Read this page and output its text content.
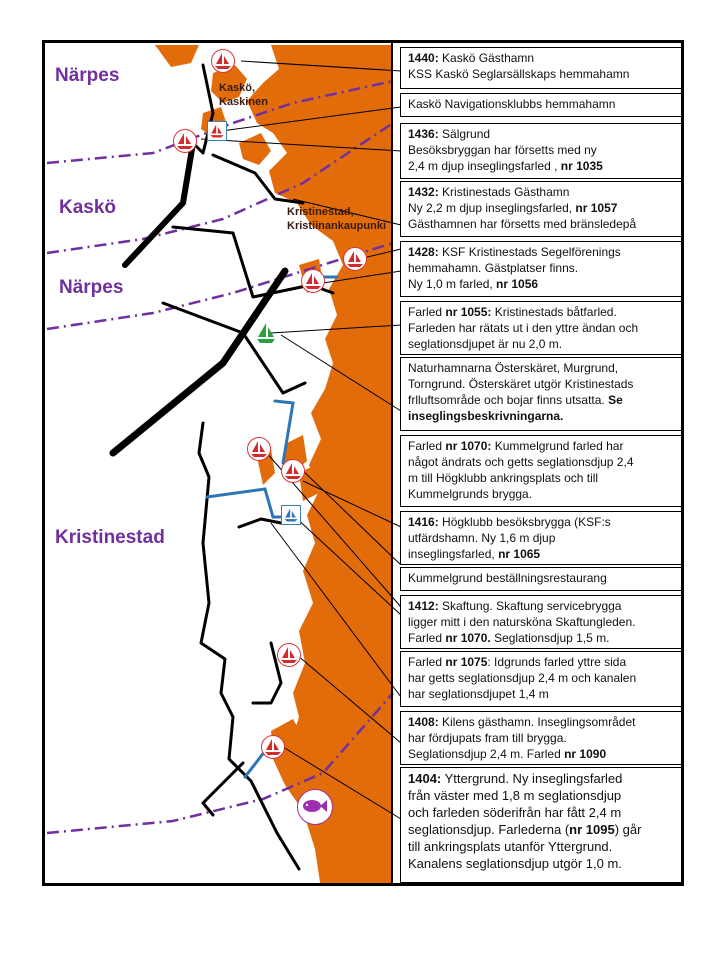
Närpes
Kaskö
Närpes
Kristinestad
Kaskö,
Kaskinen
Kristinestad,
Kristiinankaupunki
1440: Kaskö Gästhamn
KSS Kaskö Seglarsällskaps hemmahamn
Kaskö Navigationsklubbs hemmahamn
1436: Sälgrund
Besöksbryggan har försetts med ny
2,4 m djup inseglingsfarled , nr 1035
1432: Kristinestads Gästhamn
Ny 2,2 m djup inseglingsfarled, nr 1057
Gästhamnen har försetts med bränsledepå
1428: KSF Kristinestads Segelförenings
hemmahamn. Gästplatser finns.
Ny 1,0 m farled, nr 1056
Farled nr 1055: Kristinestads båtfarled.
Farleden har rätats ut i den yttre ändan och
seglationsdjupet är nu 2,0 m.
Naturhamnarna Österskäret, Murgrund,
Torngrund. Österskäret utgör Kristinestads
frlluftsområde och bojar finns utsatta. Se
inseglingsbeskrivningarna.
Farled nr 1070: Kummelgrund farled har
något ändrats och getts seglationsdjup 2,4
m till Högklubb ankringsplats och till
Kummelgrunds brygga.
1416: Högklubb besöksbrygga (KSF:s
utfärdshamn. Ny 1,6 m djup
inseglingsfarled, nr 1065
Kummelgrund beställningsrestaurang
1412: Skaftung. Skaftung servicebrygga
ligger mitt i den natursköna Skaftungleden.
Farled nr 1070. Seglationsdjup 1,5 m.
Farled nr 1075: Idgrunds farled yttre sida
har getts seglationsdjup 2,4 m och kanalen
har seglationsdjupet 1,4 m
1408: Kilens gästhamn. Inseglingsområdet
har fördjupats fram till brygga.
Seglationsdjup 2,4 m. Farled nr 1090
1404: Yttergrund. Ny inseglingsfarled
från väster med 1,8 m seglationsdjup
och farleden söderifrån har fått 2,4 m
seglationsdjup. Farlederna (nr 1095) går
till ankringsplats utanför Yttergrund.
Kanalens seglationsdjup utgör 1,0 m.
